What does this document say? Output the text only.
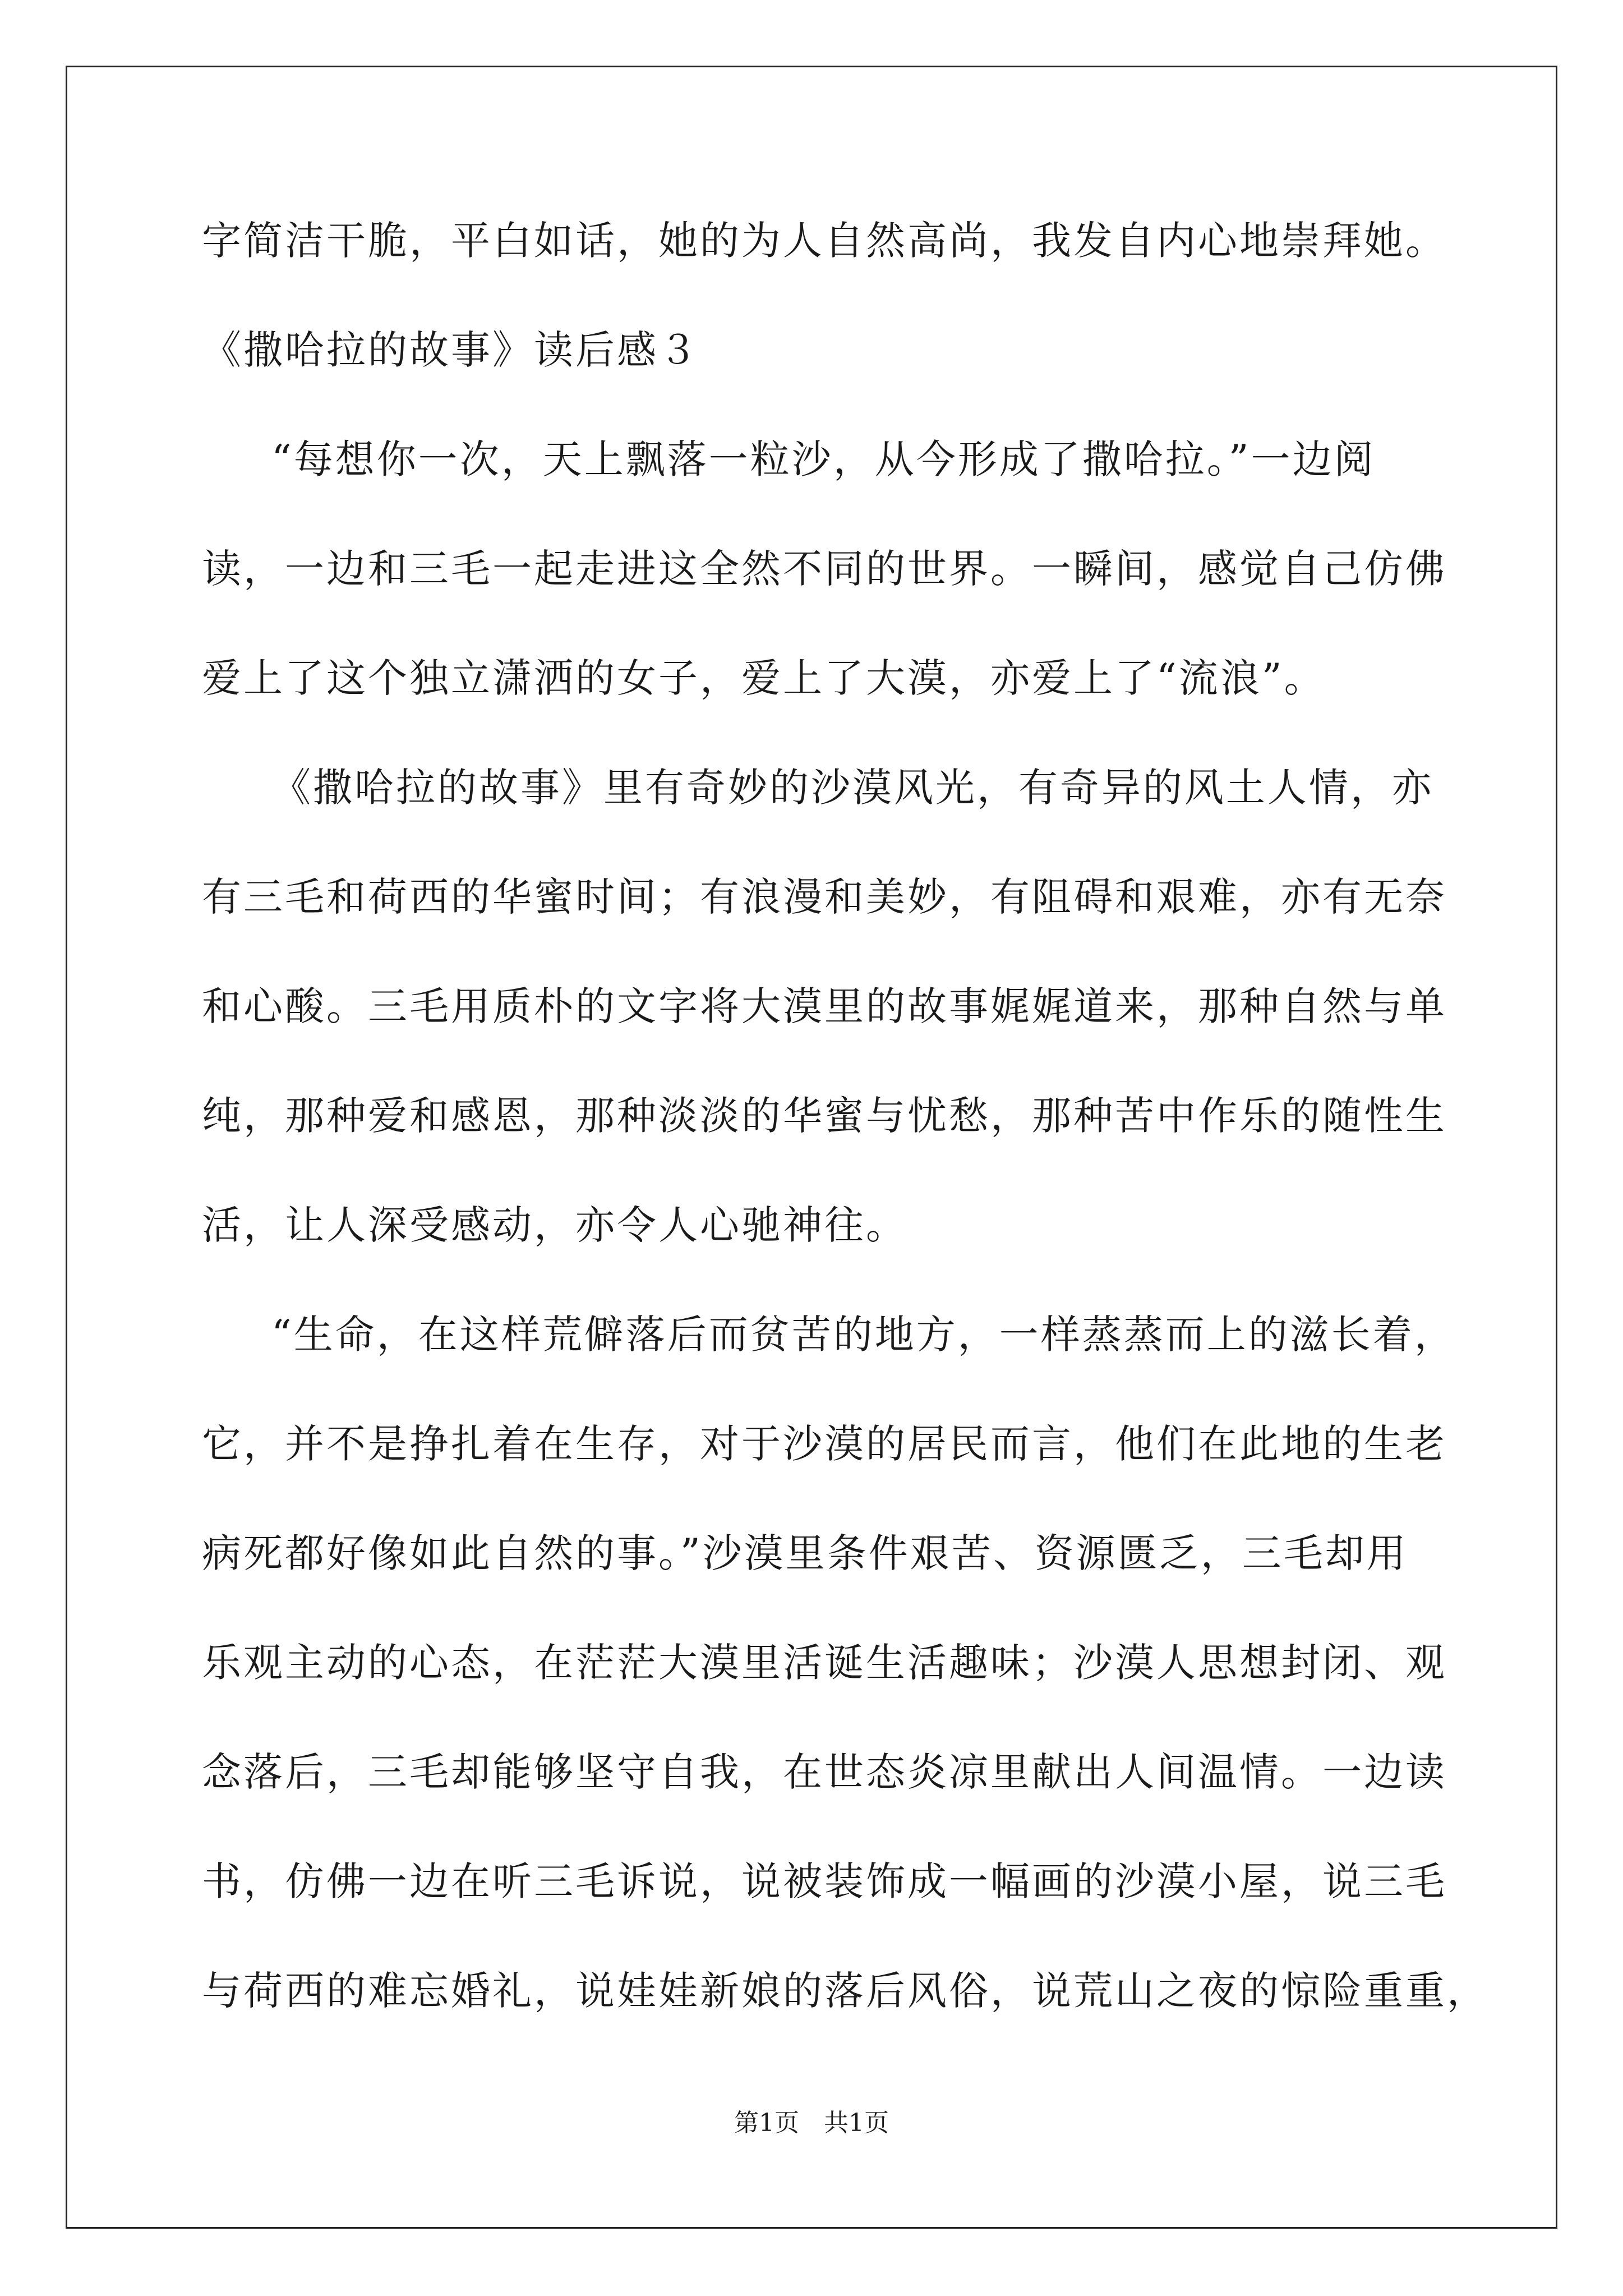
字简洁干脆，平白如话，她的为人自然高尚，我发自内心地崇拜她。
《撒哈拉的故事》读后感３
“每想你一次，天上飘落一粒沙，从今形成了撒哈拉。”一边阅
读，一边和三毛一起走进这全然不同的世界。一瞬间，感觉自己仿佛
爱上了这个独立潇洒的女子，爱上了大漠，亦爱上了“流浪”。
《撒哈拉的故事》里有奇妙的沙漠风光，有奇异的风土人情，亦
有三毛和荷西的华蜜时间；有浪漫和美妙，有阻碍和艰难，亦有无奈
和心酸。三毛用质朴的文字将大漠里的故事娓娓道来，那种自然与单
纯，那种爱和感恩，那种淡淡的华蜜与忧愁，那种苦中作乐的随性生
活，让人深受感动，亦令人心驰神往。
“生命，在这样荒僻落后而贫苦的地方，一样蒸蒸而上的滋长着，
它，并不是挣扎着在生存，对于沙漠的居民而言，他们在此地的生老
病死都好像如此自然的事。”沙漠里条件艰苦、资源匮乏，三毛却用
乐观主动的心态，在茫茫大漠里活诞生活趣味；沙漠人思想封闭、观
念落后，三毛却能够坚守自我，在世态炎凉里献出人间温情。一边读
书，仿佛一边在听三毛诉说，说被装饰成一幅画的沙漠小屋，说三毛
与荷西的难忘婚礼，说娃娃新娘的落后风俗，说荒山之夜的惊险重重，
第1页　共1页
